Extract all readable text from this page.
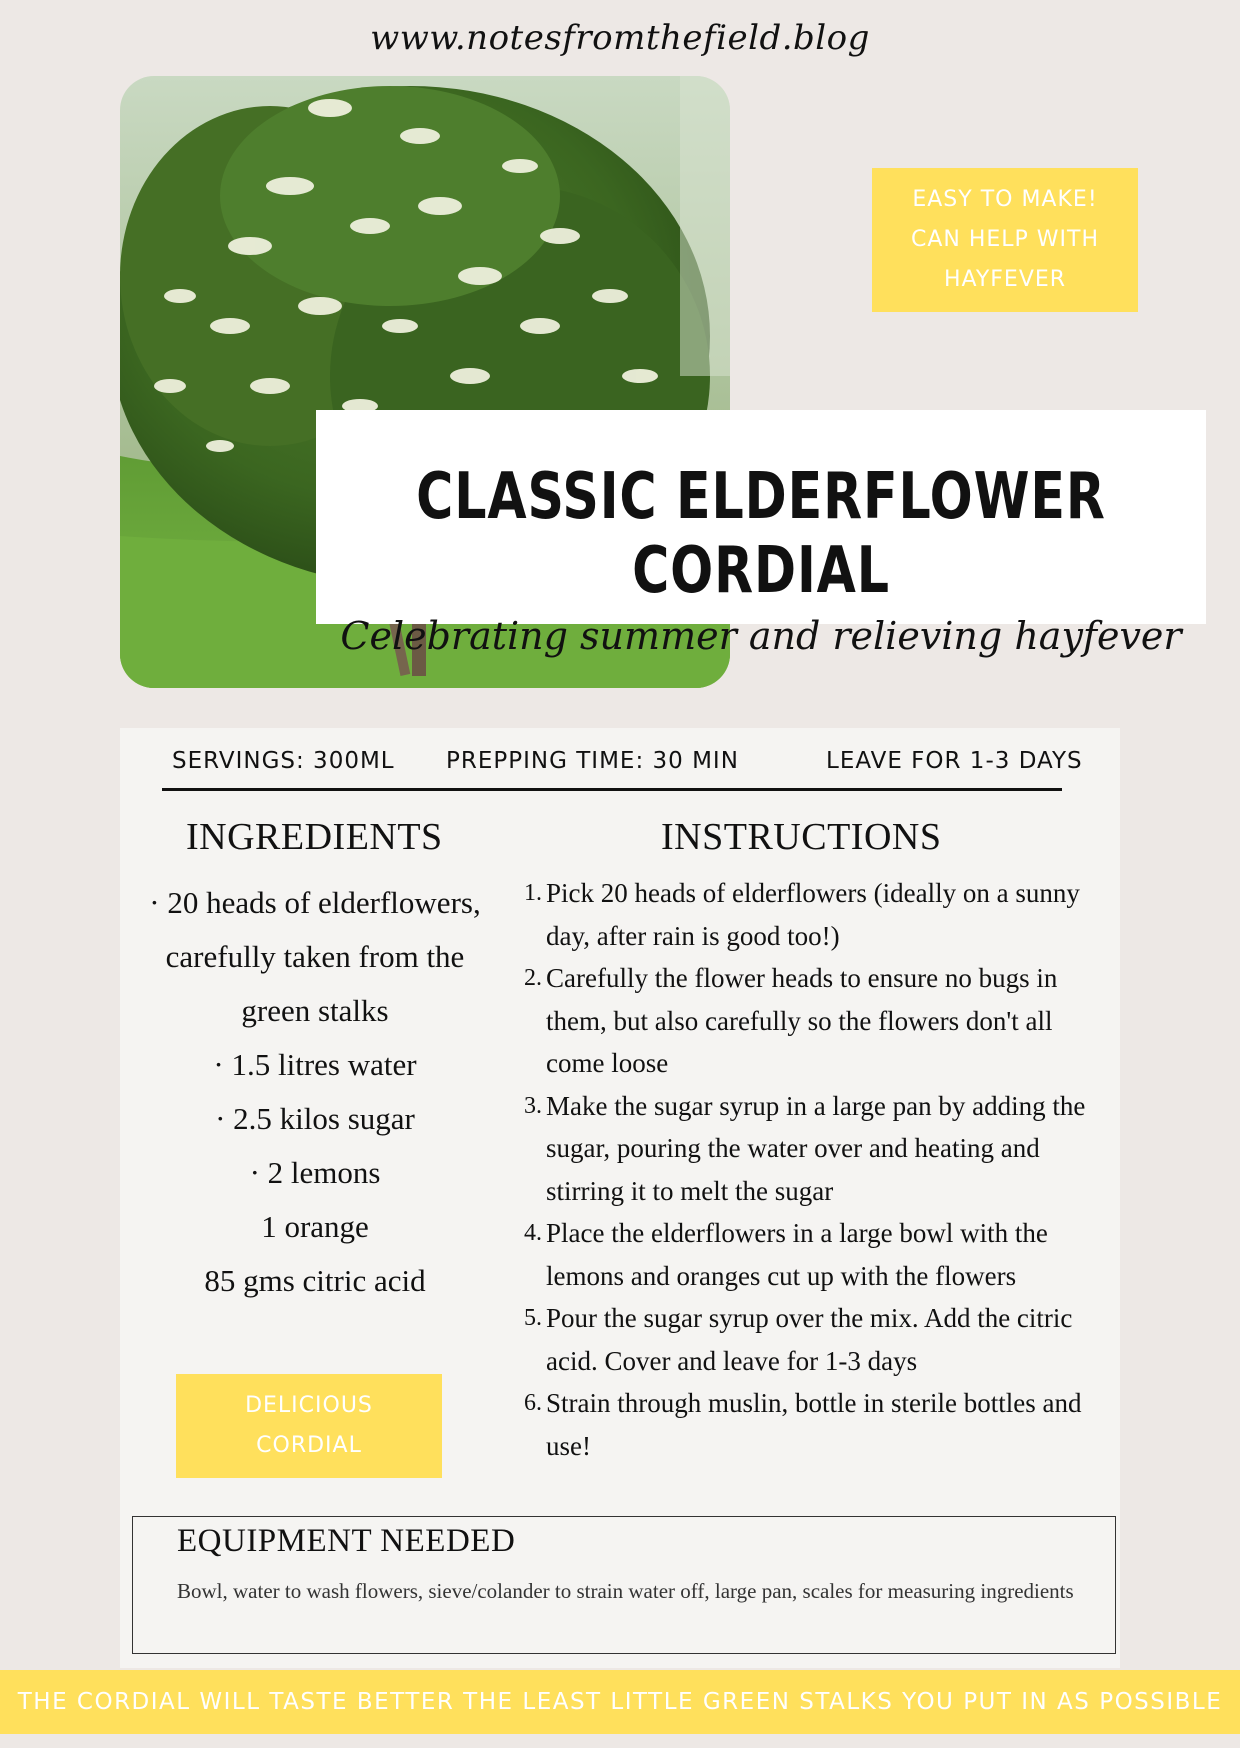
www.notesfromthefield.blog
EASY TO MAKE!
CAN HELP WITH
HAYFEVER
CLASSIC ELDERFLOWER CORDIAL
Celebrating summer and relieving hayfever
SERVINGS: 300ML PREPPING TIME: 30 MIN	LEAVE FOR 1-3 DAYS
INGREDIENTS	INSTRUCTIONS
· 20 heads of elderflowers,
carefully taken from the
green stalks
· 1.5 litres water
· 2.5 kilos sugar
· 2 lemons
1 orange
85 gms citric acid
1. Pick 20 heads of elderflowers (ideally on a sunny day, after rain is good too!)
2. Carefully the flower heads to ensure no bugs in them, but also carefully so the flowers don't all come loose
3. Make the sugar syrup in a large pan by adding the sugar, pouring the water over and heating and stirring it to melt the sugar
4. Place the elderflowers in a large bowl with the lemons and oranges cut up with the flowers
5. Pour the sugar syrup over the mix. Add the citric acid. Cover and leave for 1-3 days
6. Strain through muslin, bottle in sterile bottles and use!
DELICIOUS
CORDIAL
EQUIPMENT NEEDED
Bowl, water to wash flowers, sieve/colander to strain water off, large pan, scales for measuring ingredients
THE CORDIAL WILL TASTE BETTER THE LEAST LITTLE GREEN STALKS YOU PUT IN AS POSSIBLE
